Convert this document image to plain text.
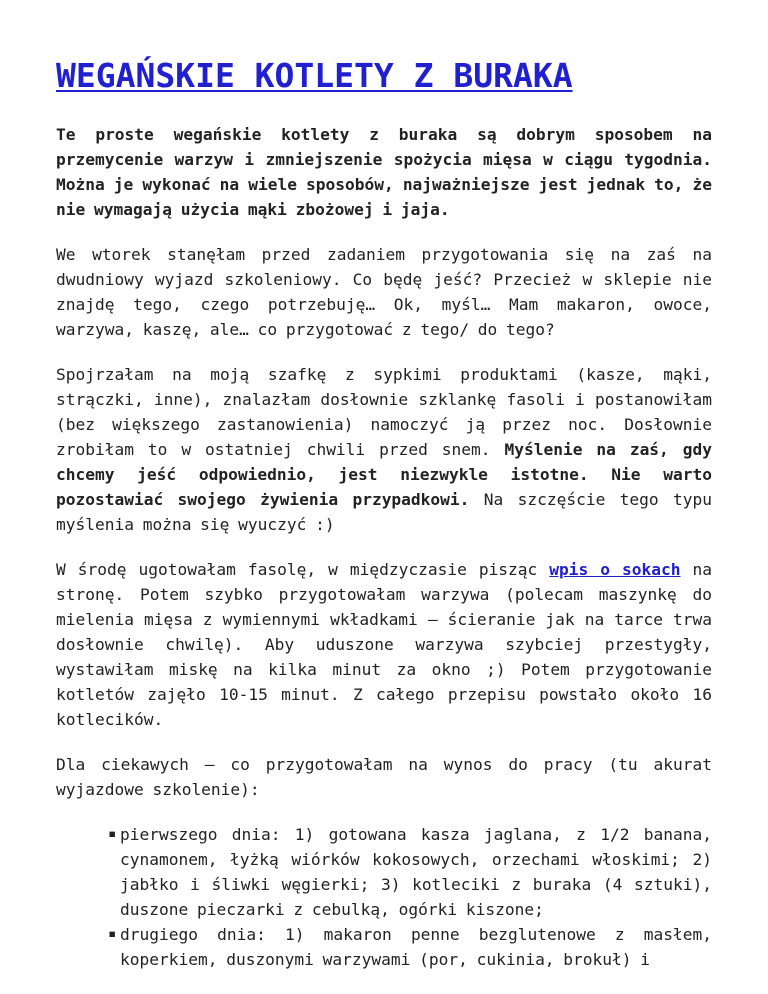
WEGAŃSKIE KOTLETY Z BURAKA

Te proste wegańskie kotlety z buraka są dobrym sposobem na przemycenie warzyw i zmniejszenie spożycia mięsa w ciągu tygodnia. Można je wykonać na wiele sposobów, najważniejsze jest jednak to, że nie wymagają użycia mąki zbożowej i jaja.

We wtorek stanęłam przed zadaniem przygotowania się na zaś na dwudniowy wyjazd szkoleniowy. Co będę jeść? Przecież w sklepie nie znajdę tego, czego potrzebuję… Ok, myśl… Mam makaron, owoce, warzywa, kaszę, ale… co przygotować z tego/ do tego?

Spojrzałam na moją szafkę z sypkimi produktami (kasze, mąki, strączki, inne), znalazłam dosłownie szklankę fasoli i postanowiłam (bez większego zastanowienia) namoczyć ją przez noc. Dosłownie zrobiłam to w ostatniej chwili przed snem. Myślenie na zaś, gdy chcemy jeść odpowiednio, jest niezwykle istotne. Nie warto pozostawiać swojego żywienia przypadkowi. Na szczęście tego typu myślenia można się wyuczyć :)

W środę ugotowałam fasolę, w międzyczasie pisząc wpis o sokach na stronę. Potem szybko przygotowałam warzywa (polecam maszynkę do mielenia mięsa z wymiennymi wkładkami – ścieranie jak na tarce trwa dosłownie chwilę). Aby uduszone warzywa szybciej przestygły, wystawiłam miskę na kilka minut za okno ;) Potem przygotowanie kotletów zajęło 10-15 minut. Z całego przepisu powstało około 16 kotlecików.

Dla ciekawych – co przygotowałam na wynos do pracy (tu akurat wyjazdowe szkolenie):

▪ pierwszego dnia: 1) gotowana kasza jaglana, z 1/2 banana, cynamonem, łyżką wiórków kokosowych, orzechami włoskimi; 2) jabłko i śliwki węgierki; 3) kotleciki z buraka (4 sztuki), duszone pieczarki z cebulką, ogórki kiszone;
▪ drugiego dnia: 1) makaron penne bezglutenowe z masłem, koperkiem, duszonymi warzywami (por, cukinia, brokuł) i
